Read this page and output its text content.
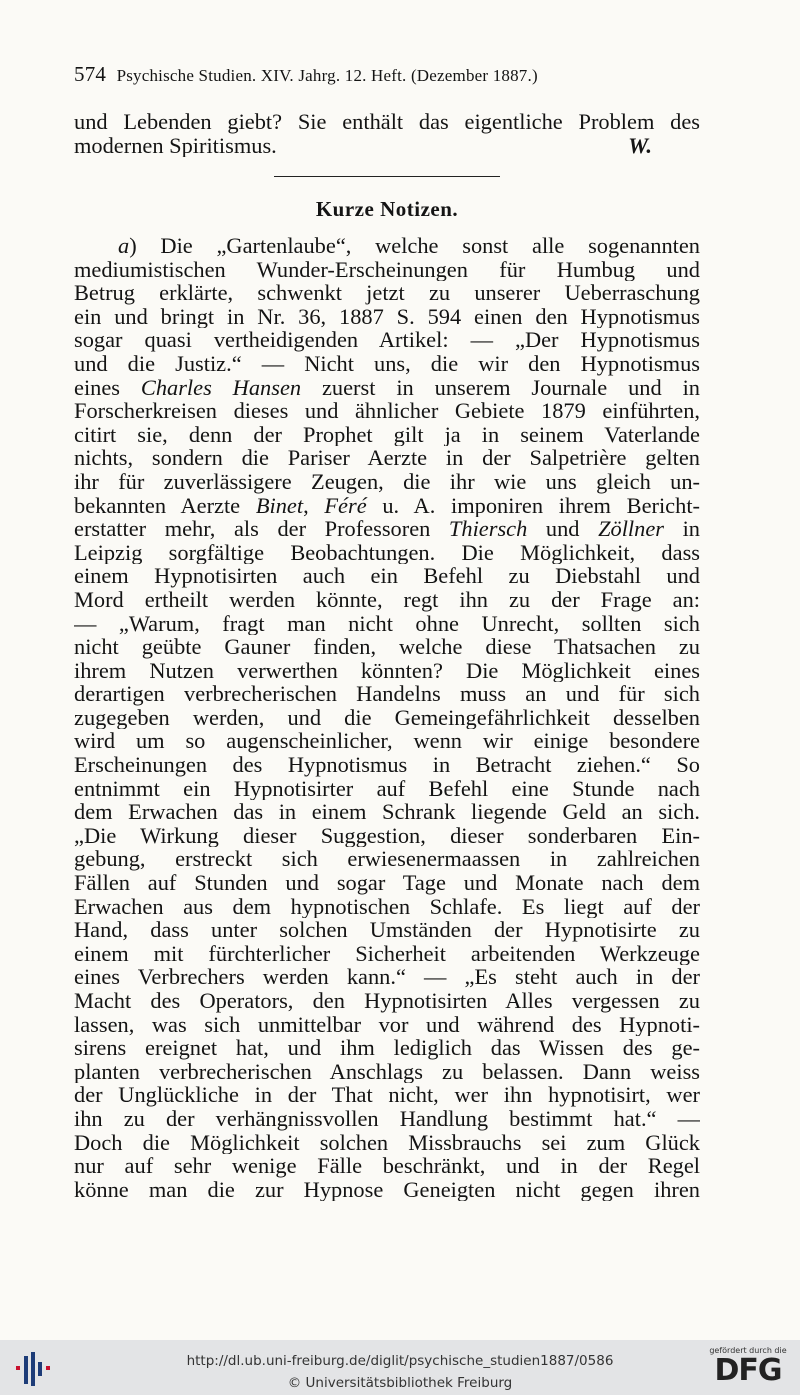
574 Psychische Studien. XIV. Jahrg. 12. Heft. (Dezember 1887.)
und Lebenden giebt? Sie enthält das eigentliche Problem des
modernen Spiritismus.	W.
Kurze Notizen.
a) Die „Gartenlaube“, welche sonst alle sogenannten
mediumistischen Wunder-Erscheinungen für Humbug und
Betrug erklärte, schwenkt jetzt zu unserer Ueberraschung
ein und bringt in Nr. 36, 1887 S. 594 einen den Hypnotismus
sogar quasi vertheidigenden Artikel: — „Der Hypnotismus
und die Justiz.“ — Nicht uns, die wir den Hypnotismus
eines Charles Hansen zuerst in unserem Journale und in
Forscherkreisen dieses und ähnlicher Gebiete 1879 einführten,
citirt sie, denn der Prophet gilt ja in seinem Vaterlande
nichts, sondern die Pariser Aerzte in der Salpetrière gelten
ihr für zuverlässigere Zeugen, die ihr wie uns gleich un-
bekannten Aerzte Binet, Féré u. A. imponiren ihrem Bericht-
erstatter mehr, als der Professoren Thiersch und Zöllner in
Leipzig sorgfältige Beobachtungen. Die Möglichkeit, dass
einem Hypnotisirten auch ein Befehl zu Diebstahl und
Mord ertheilt werden könnte, regt ihn zu der Frage an:
— „Warum, fragt man nicht ohne Unrecht, sollten sich
nicht geübte Gauner finden, welche diese Thatsachen zu
ihrem Nutzen verwerthen könnten? Die Möglichkeit eines
derartigen verbrecherischen Handelns muss an und für sich
zugegeben werden, und die Gemeingefährlichkeit desselben
wird um so augenscheinlicher, wenn wir einige besondere
Erscheinungen des Hypnotismus in Betracht ziehen.“ So
entnimmt ein Hypnotisirter auf Befehl eine Stunde nach
dem Erwachen das in einem Schrank liegende Geld an sich.
„Die Wirkung dieser Suggestion, dieser sonderbaren Ein-
gebung, erstreckt sich erwiesenermaassen in zahlreichen
Fällen auf Stunden und sogar Tage und Monate nach dem
Erwachen aus dem hypnotischen Schlafe. Es liegt auf der
Hand, dass unter solchen Umständen der Hypnotisirte zu
einem mit fürchterlicher Sicherheit arbeitenden Werkzeuge
eines Verbrechers werden kann.“ — „Es steht auch in der
Macht des Operators, den Hypnotisirten Alles vergessen zu
lassen, was sich unmittelbar vor und während des Hypnoti-
sirens ereignet hat, und ihm lediglich das Wissen des ge-
planten verbrecherischen Anschlags zu belassen. Dann weiss
der Unglückliche in der That nicht, wer ihn hypnotisirt, wer
ihn zu der verhängnissvollen Handlung bestimmt hat.“ —
Doch die Möglichkeit solchen Missbrauchs sei zum Glück
nur auf sehr wenige Fälle beschränkt, und in der Regel
könne man die zur Hypnose Geneigten nicht gegen ihren
http://dl.ub.uni-freiburg.de/diglit/psychische_studien1887/0586
© Universitätsbibliothek Freiburg
gefördert durch die
DFG
